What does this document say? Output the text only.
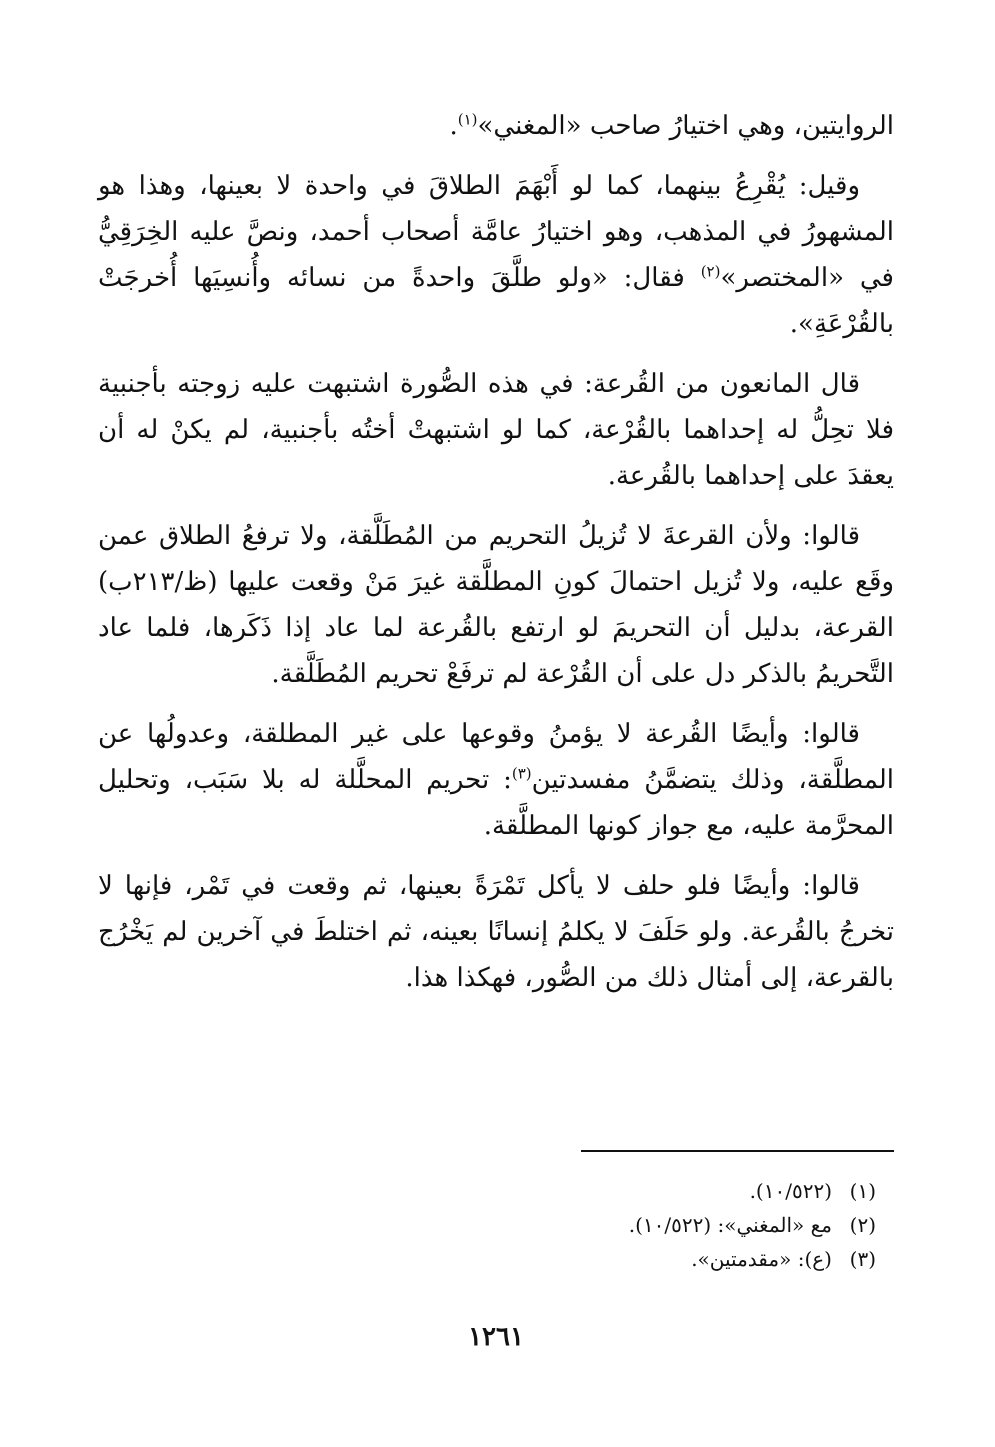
الروايتين، وهي اختيارُ صاحب «المغني»$^{(١)}$.

وقيل: يُقْرِعُ بينهما، كما لو أَبْهَمَ الطلاقَ في واحدة لا بعينها، وهذا هو المشهورُ في المذهب، وهو اختيارُ عامَّة أصحاب أحمد، ونصَّ عليه الخِرَقِيُّ في «المختصر»$^{(٢)}$ فقال: «ولو طلَّقَ واحدةً من نسائه وأُنسِيَها أُخرجَتْ بالقُرْعَةِ».

قال المانعون من القُرعة: في هذه الصُّورة اشتبهت عليه زوجته بأجنبية فلا تحِلُّ له إحداهما بالقُرْعة، كما لو اشتبهتْ أختُه بأجنبية، لم يكنْ له أن يعقدَ على إحداهما بالقُرعة.

قالوا: ولأن القرعةَ لا تُزيلُ التحريم من المُطَلَّقة، ولا ترفعُ الطلاق عمن وقَع عليه، ولا تُزيل احتمالَ كونِ المطلَّقة غيرَ مَنْ وقعت عليها (ظ/٢١٣ب) القرعة، بدليل أن التحريمَ لو ارتفع بالقُرعة لما عاد إذا ذَكَرها، فلما عاد التَّحريمُ بالذكر دل على أن القُرْعة لم ترفَعْ تحريم المُطَلَّقة.

قالوا: وأيضًا القُرعة لا يؤمنُ وقوعها على غير المطلقة، وعدولُها عن المطلَّقة، وذلك يتضمَّنُ مفسدتين$^{(٣)}$: تحريم المحلَّلة له بلا سَبَب، وتحليل المحرَّمة عليه، مع جواز كونها المطلَّقة.

قالوا: وأيضًا فلو حلف لا يأكل تَمْرَةً بعينها، ثم وقعت في تَمْر، فإنها لا تخرجُ بالقُرعة. ولو حَلَفَ لا يكلمُ إنسانًا بعينه، ثم اختلطَ في آخرين لم يَخْرُج بالقرعة، إلى أمثال ذلك من الصُّور، فهكذا هذا.

(١)(١٠/٥٢٢).
(٢)مع «المغني»: (١٠/٥٢٢).
(٣)(ع): «مقدمتين».
١٢٦١
